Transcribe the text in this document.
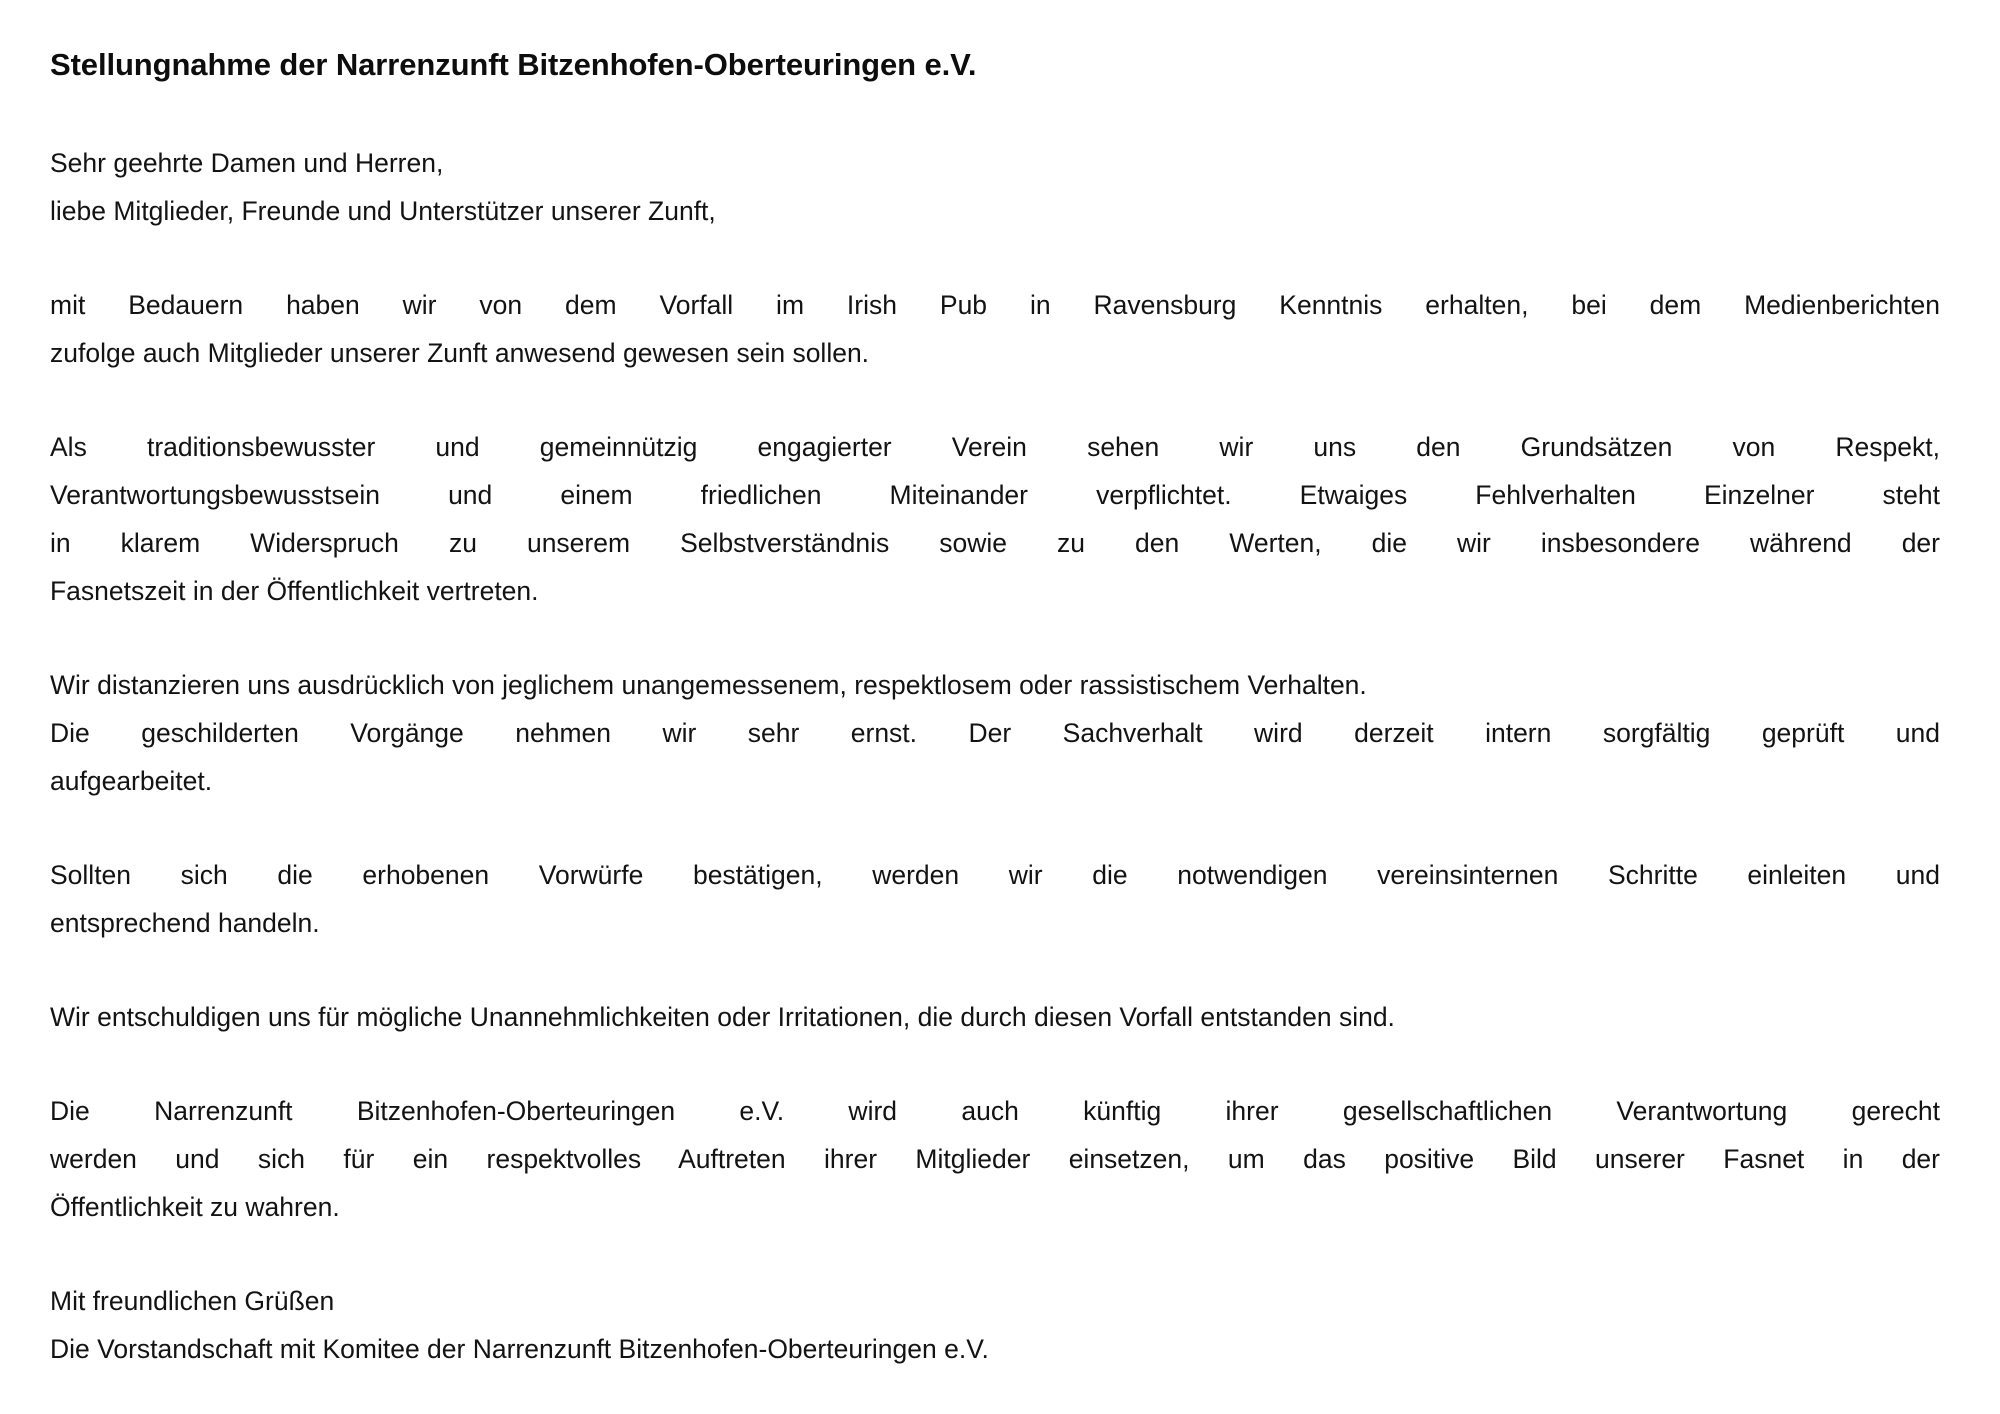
Stellungnahme der Narrenzunft Bitzenhofen-Oberteuringen e.V.
Sehr geehrte Damen und Herren,
liebe Mitglieder, Freunde und Unterstützer unserer Zunft,
mit Bedauern haben wir von dem Vorfall im Irish Pub in Ravensburg Kenntnis erhalten, bei dem Medienberichten
zufolge auch Mitglieder unserer Zunft anwesend gewesen sein sollen.
Als traditionsbewusster und gemeinnützig engagierter Verein sehen wir uns den Grundsätzen von Respekt,
Verantwortungsbewusstsein und einem friedlichen Miteinander verpflichtet. Etwaiges Fehlverhalten Einzelner steht
in klarem Widerspruch zu unserem Selbstverständnis sowie zu den Werten, die wir insbesondere während der
Fasnetszeit in der Öffentlichkeit vertreten.
Wir distanzieren uns ausdrücklich von jeglichem unangemessenem, respektlosem oder rassistischem Verhalten.
Die geschilderten Vorgänge nehmen wir sehr ernst. Der Sachverhalt wird derzeit intern sorgfältig geprüft und
aufgearbeitet.
Sollten sich die erhobenen Vorwürfe bestätigen, werden wir die notwendigen vereinsinternen Schritte einleiten und
entsprechend handeln.
Wir entschuldigen uns für mögliche Unannehmlichkeiten oder Irritationen, die durch diesen Vorfall entstanden sind.
Die Narrenzunft Bitzenhofen-Oberteuringen e.V. wird auch künftig ihrer gesellschaftlichen Verantwortung gerecht
werden und sich für ein respektvolles Auftreten ihrer Mitglieder einsetzen, um das positive Bild unserer Fasnet in der
Öffentlichkeit zu wahren.
Mit freundlichen Grüßen
Die Vorstandschaft mit Komitee der Narrenzunft Bitzenhofen-Oberteuringen e.V.
